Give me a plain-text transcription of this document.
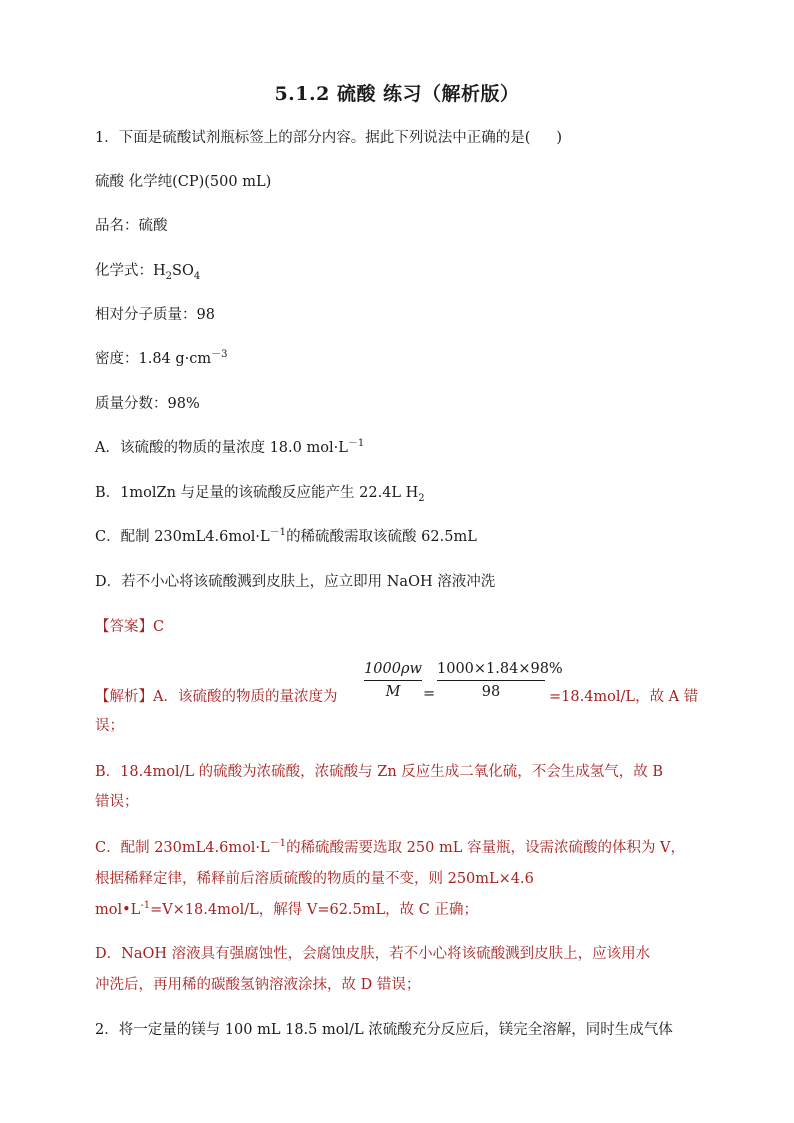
5.1.2 硫酸 练习（解析版）
1．下面是硫酸试剂瓶标签上的部分内容。据此下列说法中正确的是( )
硫酸 化学纯(CP)(500 mL)
品名：硫酸
化学式：$H_2SO_4$
相对分子质量：98
密度：1.84 $g\cdot cm^{-3}$
质量分数：98%
A．该硫酸的物质的量浓度 18.0 $mol\cdot L^{-1}$
B．1molZn 与足量的该硫酸反应能产生 22.4L $H_2$
C．配制 $230mL4.6mol\cdot L^{-1}$的稀硫酸需取该硫酸 62.5mL
D．若不小心将该硫酸溅到皮肤上，应立即用 NaOH 溶液冲洗
【答案】C
【解析】A．该硫酸的物质的量浓度为
1000ρw
M	=
1000×1.84×98%
98	=18.4mol/L，故 A 错
误；
B．18.4mol/L 的硫酸为浓硫酸，浓硫酸与 Zn 反应生成二氧化硫，不会生成氢气，故 B
错误；
C．配制 $230mL4.6mol\cdot L^{-1}$的稀硫酸需要选取 250 mL 容量瓶，设需浓硫酸的体积为 V，
根据稀释定律，稀释前后溶质硫酸的物质的量不变，则 250mL×4.6
$mol•L^{-1}=V\times 18.4mol/L$，解得 V=62.5mL，故 C 正确；
D．NaOH 溶液具有强腐蚀性，会腐蚀皮肤，若不小心将该硫酸溅到皮肤上，应该用水
冲洗后，再用稀的碳酸氢钠溶液涂抹，故 D 错误；
2．将一定量的镁与 100 mL 18.5 mol/L 浓硫酸充分反应后，镁完全溶解，同时生成气体
